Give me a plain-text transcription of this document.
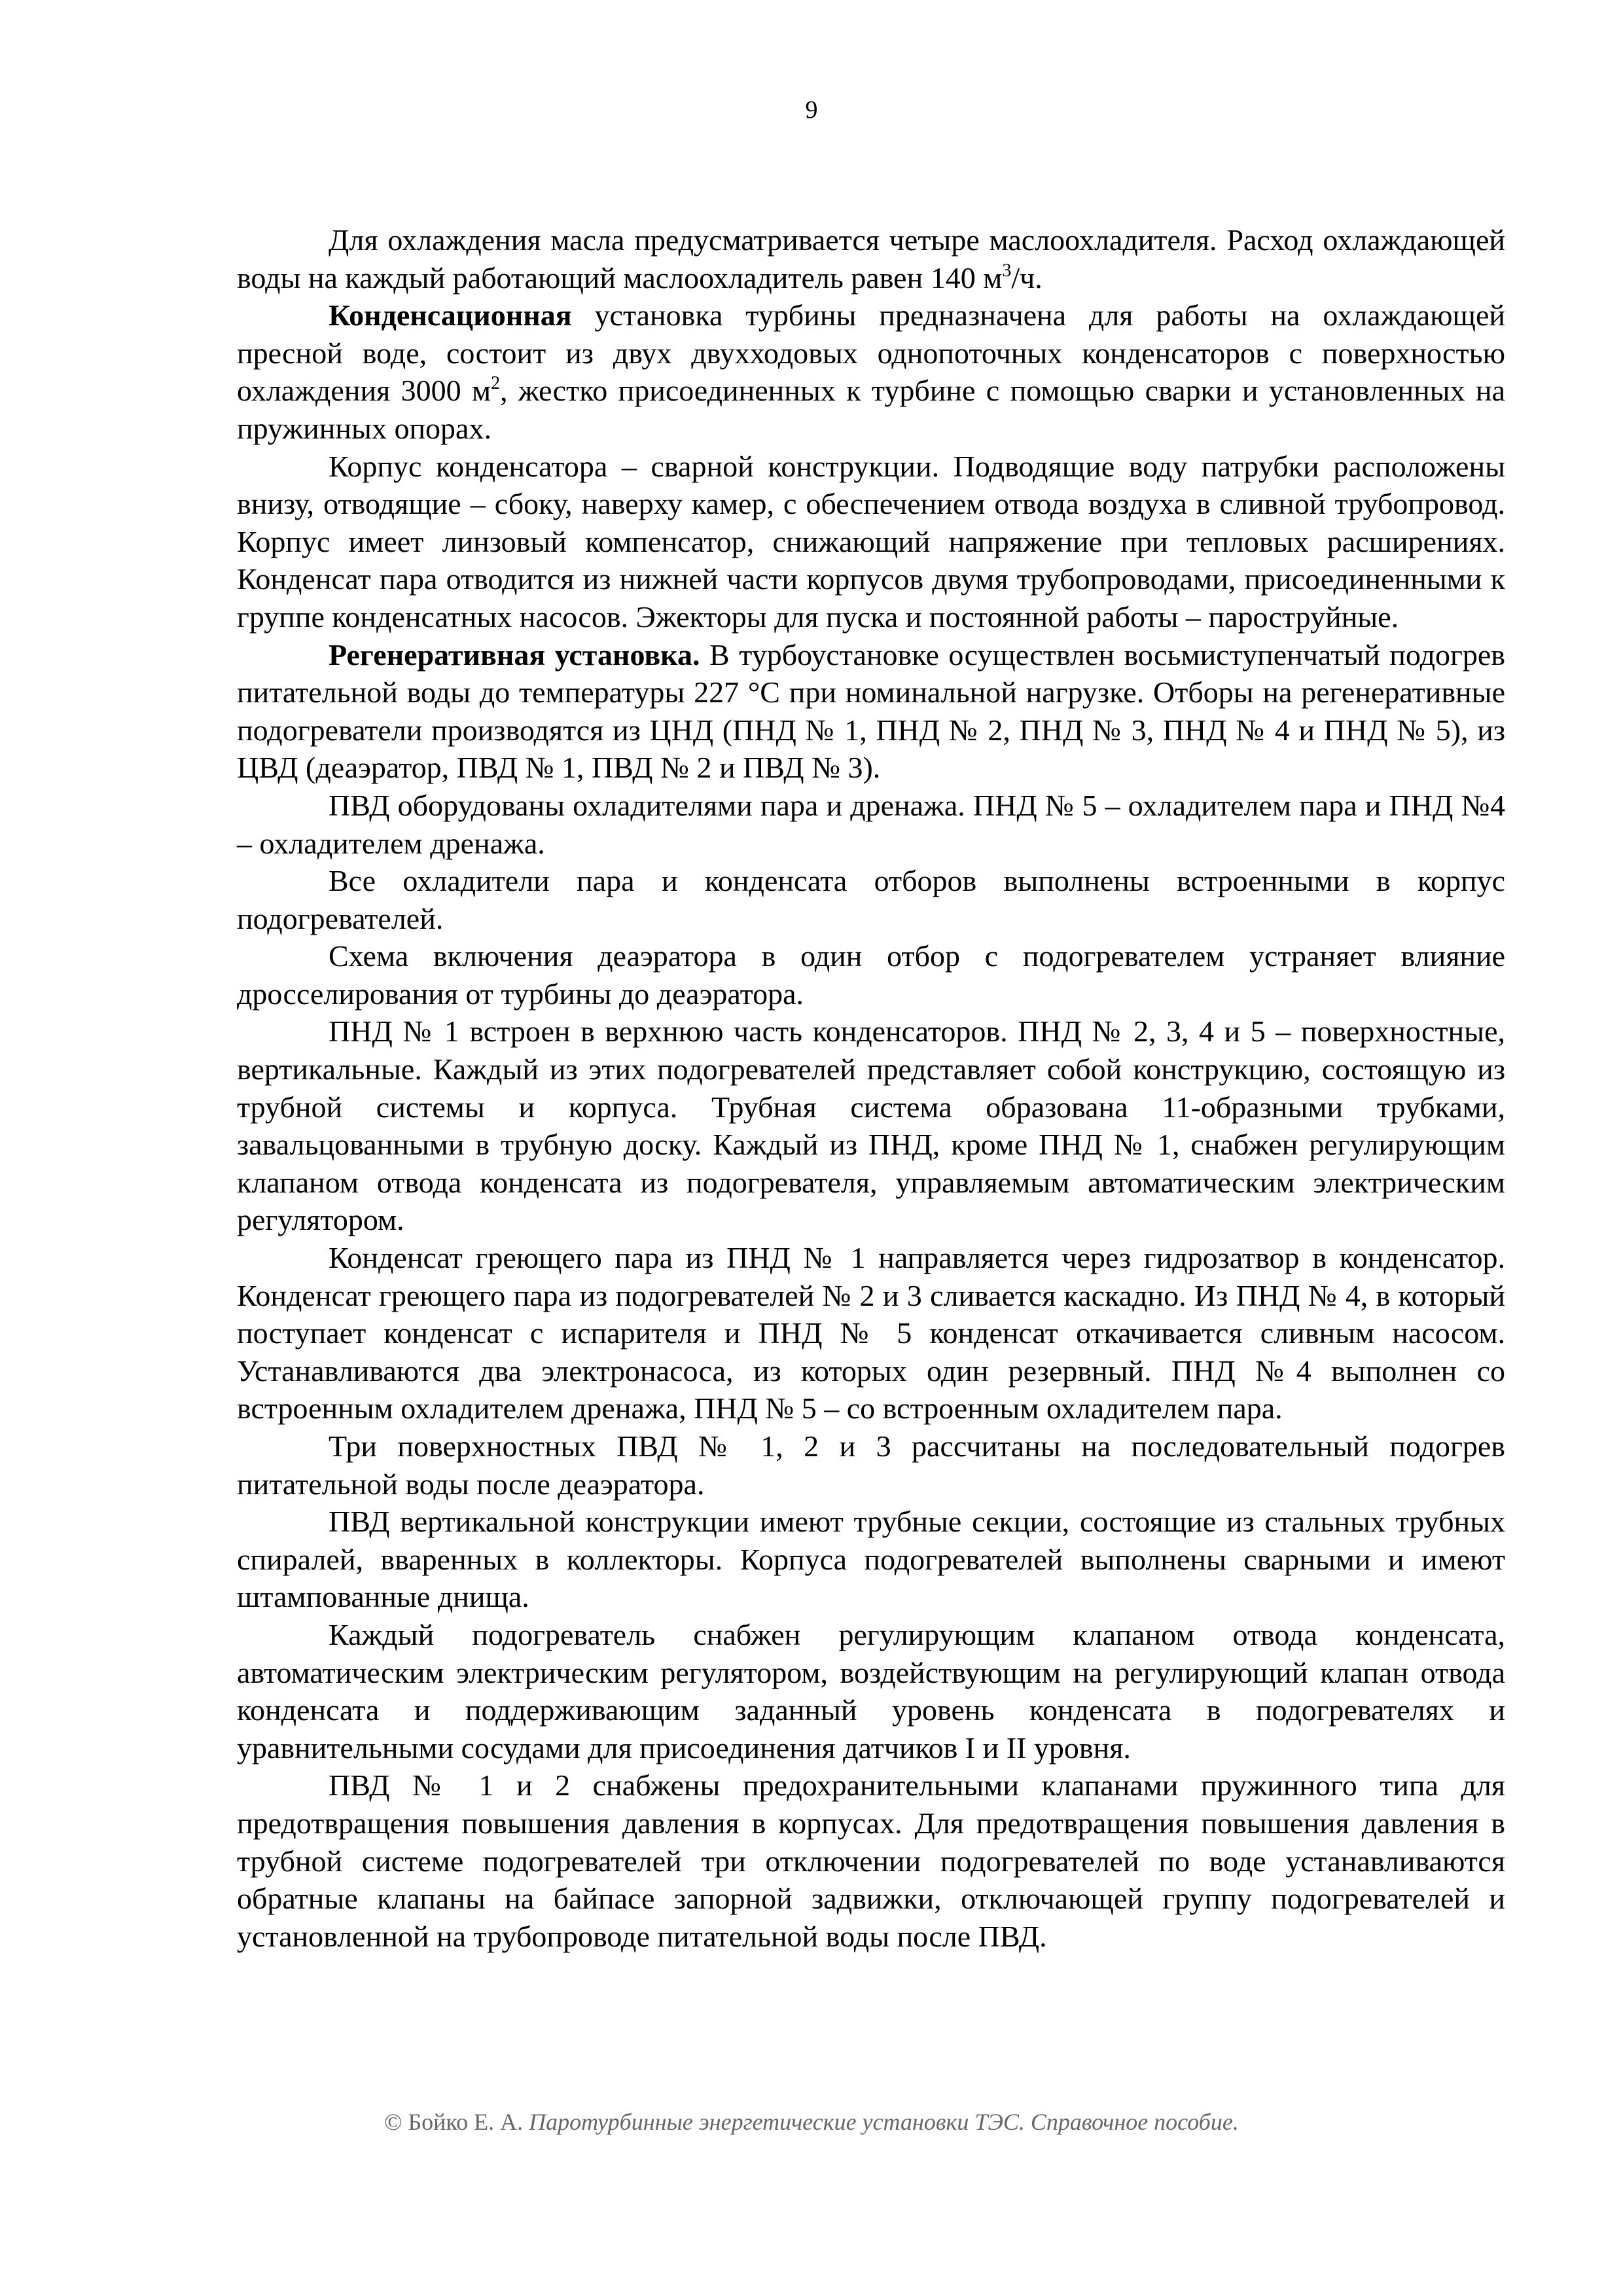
9

Для охлаждения масла предусматривается четыре маслоохладителя. Расход охлаждающей воды на каждый работающий маслоохладитель равен 140 $м^3/ч$.

Конденсационная установка турбины предназначена для работы на охлаждающей пресной воде, состоит из двух двухходовых однопоточных конденсаторов с поверхностью охлаждения 3000 $м^2$, жестко присоединенных к турбине с помощью сварки и установленных на пружинных опорах.

Корпус конденсатора – сварной конструкции. Подводящие воду патрубки расположены внизу, отводящие – сбоку, наверху камер, с обеспечением отвода воздуха в сливной трубопровод. Корпус имеет линзовый компенсатор, снижающий напряжение при тепловых расширениях. Конденсат пара отводится из нижней части корпусов двумя трубопроводами, присоединенными к группе конденсатных насосов. Эжекторы для пуска и постоянной работы – пароструйные.

Регенеративная установка. В турбоустановке осуществлен восьмиступенчатый подогрев питательной воды до температуры 227 °С при номинальной нагрузке. Отборы на регенеративные подогреватели производятся из ЦНД (ПНД № 1, ПНД № 2, ПНД № 3, ПНД № 4 и ПНД № 5), из ЦВД (деаэратор, ПВД № 1, ПВД № 2 и ПВД № 3).

ПВД оборудованы охладителями пара и дренажа. ПНД № 5 – охладителем пара и ПНД №4 – охладителем дренажа.

Все охладители пара и конденсата отборов выполнены встроенными в корпус подогревателей.

Схема включения деаэратора в один отбор с подогревателем устраняет влияние дросселирования от турбины до деаэратора.

ПНД № 1 встроен в верхнюю часть конденсаторов. ПНД № 2, 3, 4 и 5 – поверхностные, вертикальные. Каждый из этих подогревателей представляет собой конструкцию, состоящую из трубной системы и корпуса. Трубная система образована 11-образными трубками, завальцованными в трубную доску. Каждый из ПНД, кроме ПНД № 1, снабжен регулирующим клапаном отвода конденсата из подогревателя, управляемым автоматическим электрическим регулятором.

Конденсат греющего пара из ПНД № 1 направляется через гидрозатвор в конденсатор. Конденсат греющего пара из подогревателей № 2 и 3 сливается каскадно. Из ПНД № 4, в который поступает конденсат с испарителя и ПНД № 5 конденсат откачивается сливным насосом. Устанавливаются два электронасоса, из которых один резервный. ПНД №4 выполнен со встроенным охладителем дренажа, ПНД № 5 – со встроенным охладителем пара.

Три поверхностных ПВД № 1, 2 и 3 рассчитаны на последовательный подогрев питательной воды после деаэратора.

ПВД вертикальной конструкции имеют трубные секции, состоящие из стальных трубных спиралей, вваренных в коллекторы. Корпуса подогревателей выполнены сварными и имеют штампованные днища.

Каждый подогреватель снабжен регулирующим клапаном отвода конденсата, автоматическим электрическим регулятором, воздействующим на регулирующий клапан отвода конденсата и поддерживающим заданный уровень конденсата в подогревателях и уравнительными сосудами для присоединения датчиков I и II уровня.

ПВД № 1 и 2 снабжены предохранительными клапанами пружинного типа для предотвращения повышения давления в корпусах. Для предотвращения повышения давления в трубной системе подогревателей три отключении подогревателей по воде устанавливаются обратные клапаны на байпасе запорной задвижки, отключающей группу подогревателей и установленной на трубопроводе питательной воды после ПВД.

© Бойко Е. А. Паротурбинные энергетические установки ТЭС. Справочное пособие.
